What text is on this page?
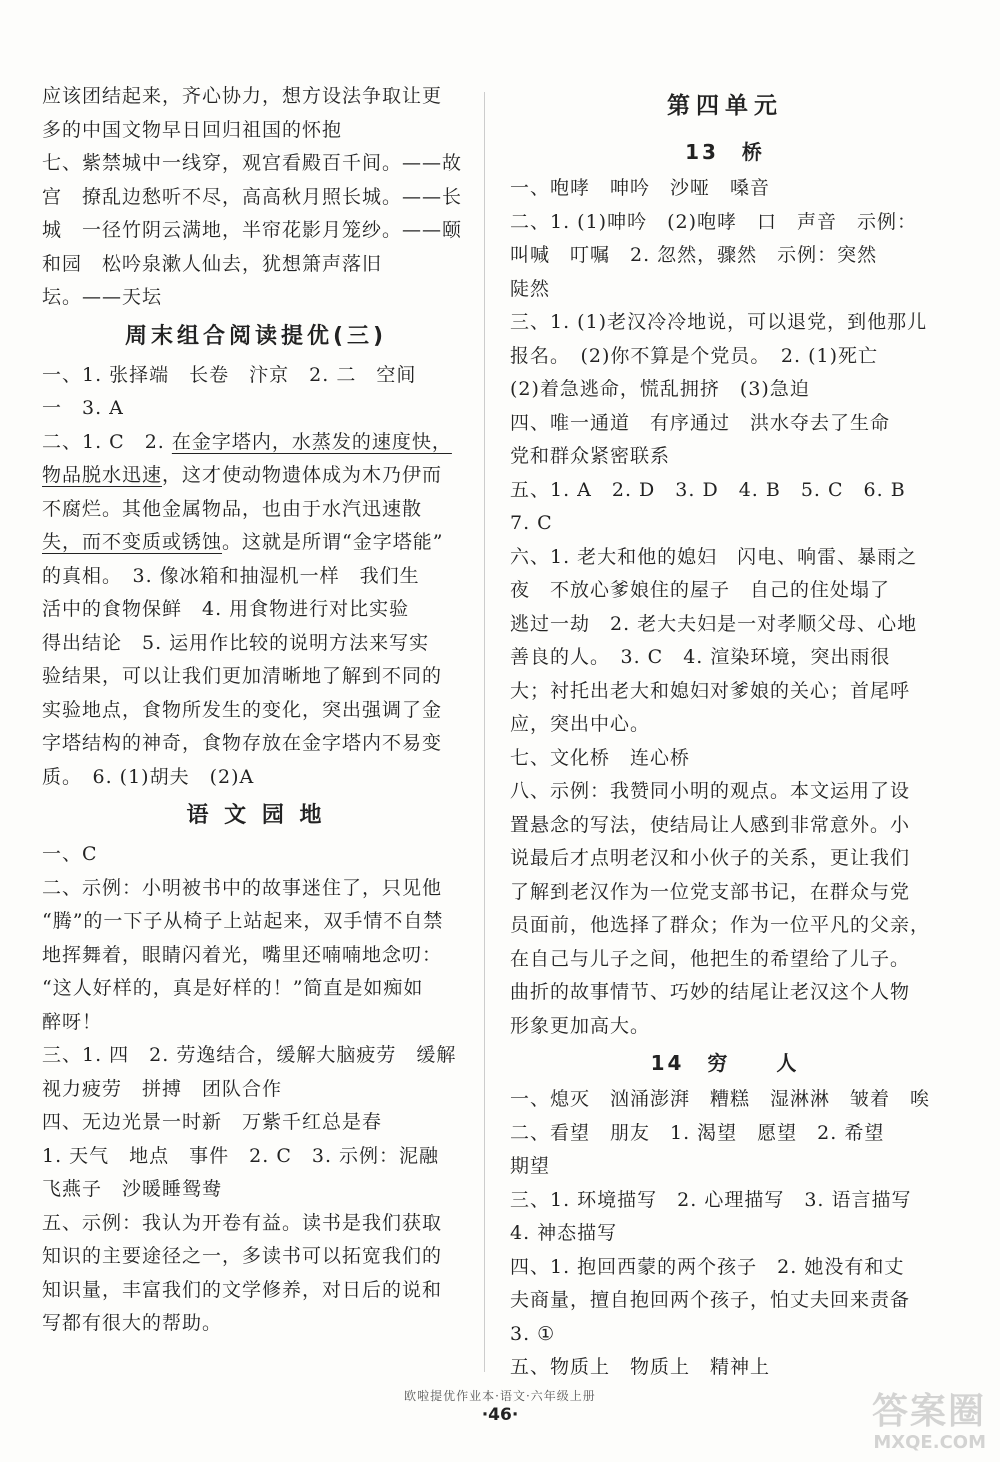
应该团结起来，齐心协力，想方设法争取让更
多的中国文物早日回归祖国的怀抱
七、紫禁城中一线穿，观宫看殿百千间。——故
宫　撩乱边愁听不尽，高高秋月照长城。——长
城　一径竹阴云满地，半帘花影月笼纱。——颐
和园　松吟泉漱人仙去，犹想箫声落旧
坛。——天坛
周末组合阅读提优(三)
一、1. 张择端　长卷　汴京　2. 二　空间
一　3. A
二、1. C　2. 在金字塔内，水蒸发的速度快，
物品脱水迅速，这才使动物遗体成为木乃伊而
不腐烂。其他金属物品，也由于水汽迅速散
失，而不变质或锈蚀。这就是所谓“金字塔能”
的真相。　3. 像冰箱和抽湿机一样　我们生
活中的食物保鲜　4. 用食物进行对比实验
得出结论　5. 运用作比较的说明方法来写实
验结果，可以让我们更加清晰地了解到不同的
实验地点，食物所发生的变化，突出强调了金
字塔结构的神奇，食物存放在金字塔内不易变
质。　6. (1)胡夫　(2)A
语 文 园 地
一、C
二、示例：小明被书中的故事迷住了，只见他
“腾”的一下子从椅子上站起来，双手情不自禁
地挥舞着，眼睛闪着光，嘴里还喃喃地念叨：
“这人好样的，真是好样的！”简直是如痴如
醉呀！
三、1. 四　2. 劳逸结合，缓解大脑疲劳　缓解
视力疲劳　拼搏　团队合作
四、无边光景一时新　万紫千红总是春
1. 天气　地点　事件　2. C　3. 示例：泥融
飞燕子　沙暖睡鸳鸯
五、示例：我认为开卷有益。读书是我们获取
知识的主要途径之一，多读书可以拓宽我们的
知识量，丰富我们的文学修养，对日后的说和
写都有很大的帮助。
第四单元
13　桥
一、咆哮　呻吟　沙哑　嗓音
二、1. (1)呻吟　(2)咆哮　口　声音　示例：
叫喊　叮嘱　2. 忽然，骤然　示例：突然
陡然
三、1. (1)老汉冷冷地说，可以退党，到他那儿
报名。　(2)你不算是个党员。　2. (1)死亡
(2)着急逃命，慌乱拥挤　(3)急迫
四、唯一通道　有序通过　洪水夺去了生命
党和群众紧密联系
五、1. A　2. D　3. D　4. B　5. C　6. B
7. C
六、1. 老大和他的媳妇　闪电、响雷、暴雨之
夜　不放心爹娘住的屋子　自己的住处塌了
逃过一劫　2. 老大夫妇是一对孝顺父母、心地
善良的人。　3. C　4. 渲染环境，突出雨很
大；衬托出老大和媳妇对爹娘的关心；首尾呼
应，突出中心。
七、文化桥　连心桥
八、示例：我赞同小明的观点。本文运用了设
置悬念的写法，使结局让人感到非常意外。小
说最后才点明老汉和小伙子的关系，更让我们
了解到老汉作为一位党支部书记，在群众与党
员面前，他选择了群众；作为一位平凡的父亲，
在自己与儿子之间，他把生的希望给了儿子。
曲折的故事情节、巧妙的结尾让老汉这个人物
形象更加高大。
14　穷　　人
一、熄灭　汹涌澎湃　糟糕　湿淋淋　皱着　唉
二、看望　朋友　1. 渴望　愿望　2. 希望
期望
三、1. 环境描写　2. 心理描写　3. 语言描写
4. 神态描写
四、1. 抱回西蒙的两个孩子　2. 她没有和丈
夫商量，擅自抱回两个孩子，怕丈夫回来责备
3. ①
五、物质上　物质上　精神上
欧啦提优作业本·语文·六年级上册
·46·	答案圈
MXQE.COM
